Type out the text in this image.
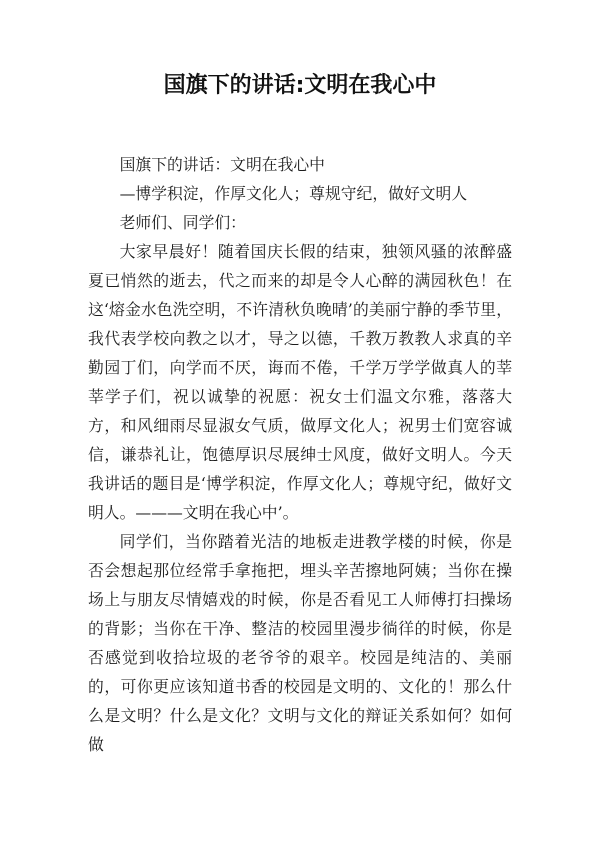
国旗下的讲话:文明在我心中

国旗下的讲话：文明在我心中

—博学积淀，作厚文化人；尊规守纪，做好文明人

老师们、同学们：

大家早晨好！随着国庆长假的结束，独领风骚的浓醉盛夏已悄然的逝去，代之而来的却是令人心醉的满园秋色！在这‘熔金水色洗空明，不许清秋负晚晴’的美丽宁静的季节里，我代表学校向教之以才，导之以德，千教万教教人求真的辛勤园丁们，向学而不厌，诲而不倦，千学万学学做真人的莘莘学子们，祝以诚挚的祝愿：祝女士们温文尔雅，落落大方，和风细雨尽显淑女气质，做厚文化人；祝男士们宽容诚信，谦恭礼让，饱德厚识尽展绅士风度，做好文明人。今天我讲话的题目是‘博学积淀，作厚文化人；尊规守纪，做好文明人。———文明在我心中’。

同学们，当你踏着光洁的地板走进教学楼的时候，你是否会想起那位经常手拿拖把，埋头辛苦擦地阿姨；当你在操场上与朋友尽情嬉戏的时候，你是否看见工人师傅打扫操场的背影；当你在干净、整洁的校园里漫步徜徉的时候，你是否感觉到收拾垃圾的老爷爷的艰辛。校园是纯洁的、美丽的，可你更应该知道书香的校园是文明的、文化的！那么什么是文明？什么是文化？文明与文化的辩证关系如何？如何做
